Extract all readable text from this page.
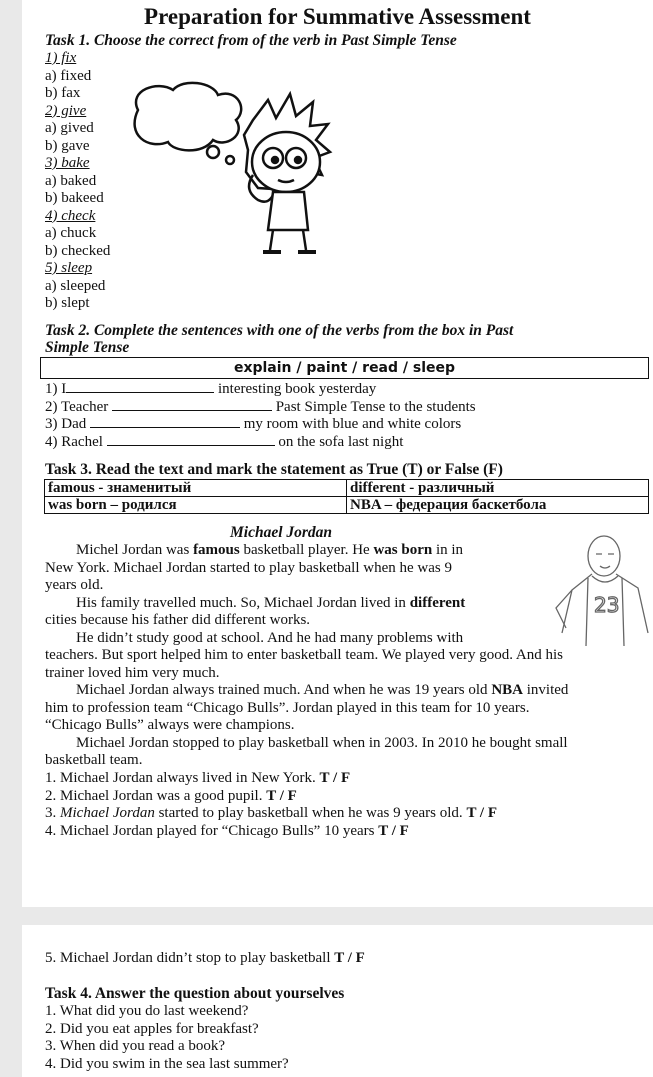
Preparation for Summative Assessment
Task 1. Choose the correct from of the verb in Past Simple Tense
1) fix
a) fixed
b) fax
2) give
a) gived
b) gave
3) bake
a) baked
b) bakeed
4) check
a) chuck
b) checked
5) sleep
a) sleeped
b) slept
Task 2. Complete the sentences with one of the verbs from the box in Past
Simple Tense
explain / paint / read / sleep
1) I	interesting book yesterday
2) Teacher	Past Simple Tense to the students
3) Dad	my room with blue and white colors
4) Rachel	on the sofa last night
Task 3. Read the text and mark the statement as True (T) or False (F)
famous - знаменитый	different - различный
was born – родился	NBA – федерация баскетбола
Michael Jordan
Michel Jordan was famous basketball player. He was born in in
New York. Michael Jordan started to play basketball when he was 9
years old.
His family travelled much. So, Michael Jordan lived in different
cities because his father did different works.
He didn’t study good at school. And he had many problems with
teachers. But sport helped him to enter basketball team. We played very good. And his
trainer loved him very much.
Michael Jordan always trained much. And when he was 19 years old NBA invited
him to profession team “Chicago Bulls”. Jordan played in this team for 10 years.
“Chicago Bulls” always were champions.
Michael Jordan stopped to play basketball when in 2003. In 2010 he bought small
basketball team.
23
1. Michael Jordan always lived in New York. T / F
2. Michael Jordan was a good pupil. T / F
3. Michael Jordan started to play basketball when he was 9 years old. T / F
4. Michael Jordan played for “Chicago Bulls” 10 years T / F
5. Michael Jordan didn’t stop to play basketball T / F
Task 4. Answer the question about yourselves
1. What did you do last weekend?
2. Did you eat apples for breakfast?
3. When did you read a book?
4. Did you swim in the sea last summer?
